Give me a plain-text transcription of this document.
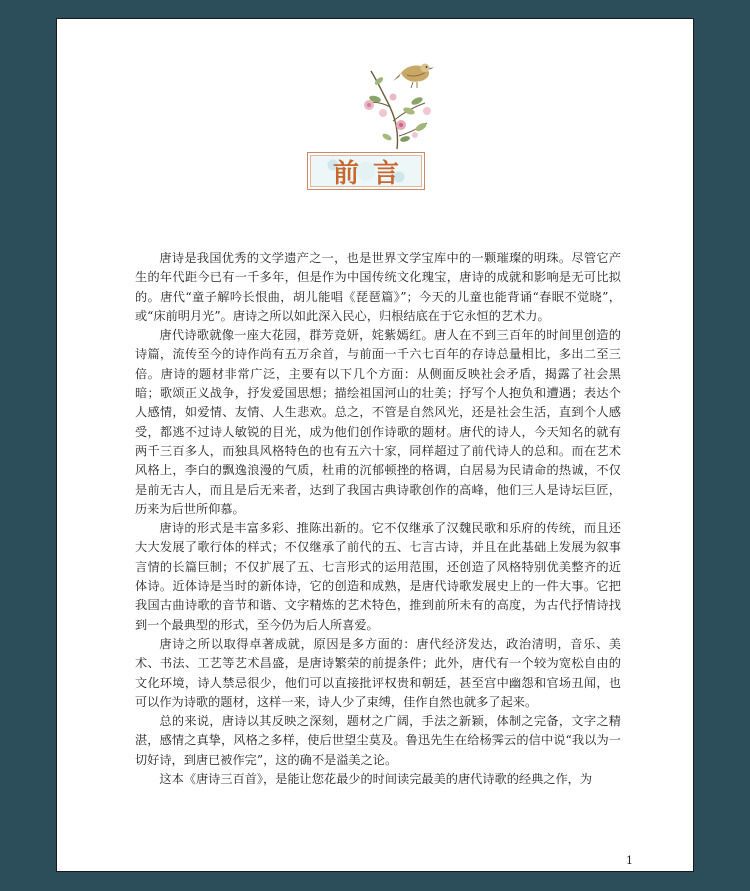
前言

唐诗是我国优秀的文学遗产之一，也是世界文学宝库中的一颗璀璨的明珠。尽管它产生的年代距今已有一千多年，但是作为中国传统文化瑰宝，唐诗的成就和影响是无可比拟的。唐代“童子解吟长恨曲，胡儿能唱《琵琶篇》”；今天的儿童也能背诵“春眠不觉晓”，或“床前明月光”。唐诗之所以如此深入民心，归根结底在于它永恒的艺术力。

唐代诗歌就像一座大花园，群芳竞妍，姹紫嫣红。唐人在不到三百年的时间里创造的诗篇，流传至今的诗作尚有五万余首，与前面一千六七百年的存诗总量相比，多出二至三倍。唐诗的题材非常广泛，主要有以下几个方面：从侧面反映社会矛盾，揭露了社会黑暗；歌颂正义战争，抒发爱国思想；描绘祖国河山的壮美；抒写个人抱负和遭遇；表达个人感情，如爱情、友情、人生悲欢。总之，不管是自然风光，还是社会生活，直到个人感受，都逃不过诗人敏锐的目光，成为他们创作诗歌的题材。唐代的诗人，今天知名的就有两千三百多人，而独具风格特色的也有五六十家，同样超过了前代诗人的总和。而在艺术风格上，李白的飘逸浪漫的气质，杜甫的沉郁顿挫的格调，白居易为民请命的热诚，不仅是前无古人，而且是后无来者，达到了我国古典诗歌创作的高峰，他们三人是诗坛巨匠，历来为后世所仰慕。

唐诗的形式是丰富多彩、推陈出新的。它不仅继承了汉魏民歌和乐府的传统，而且还大大发展了歌行体的样式；不仅继承了前代的五、七言古诗，并且在此基础上发展为叙事言情的长篇巨制；不仅扩展了五、七言形式的运用范围，还创造了风格特别优美整齐的近体诗。近体诗是当时的新体诗，它的创造和成熟，是唐代诗歌发展史上的一件大事。它把我国古曲诗歌的音节和谐、文字精炼的艺术特色，推到前所未有的高度，为古代抒情诗找到一个最典型的形式，至今仍为后人所喜爱。

唐诗之所以取得卓著成就，原因是多方面的：唐代经济发达，政治清明，音乐、美术、书法、工艺等艺术昌盛，是唐诗繁荣的前提条件；此外，唐代有一个较为宽松自由的文化环境，诗人禁忌很少，他们可以直接批评权贵和朝廷，甚至宫中幽怨和官场丑闻，也可以作为诗歌的题材，这样一来，诗人少了束缚，佳作自然也就多了起来。

总的来说，唐诗以其反映之深刻，题材之广阔，手法之新颖，体制之完备，文字之精湛，感情之真挚，风格之多样，使后世望尘莫及。鲁迅先生在给杨霁云的信中说“我以为一切好诗，到唐已被作完”，这的确不是溢美之论。

这本《唐诗三百首》，是能让您花最少的时间读完最美的唐代诗歌的经典之作，为

1
